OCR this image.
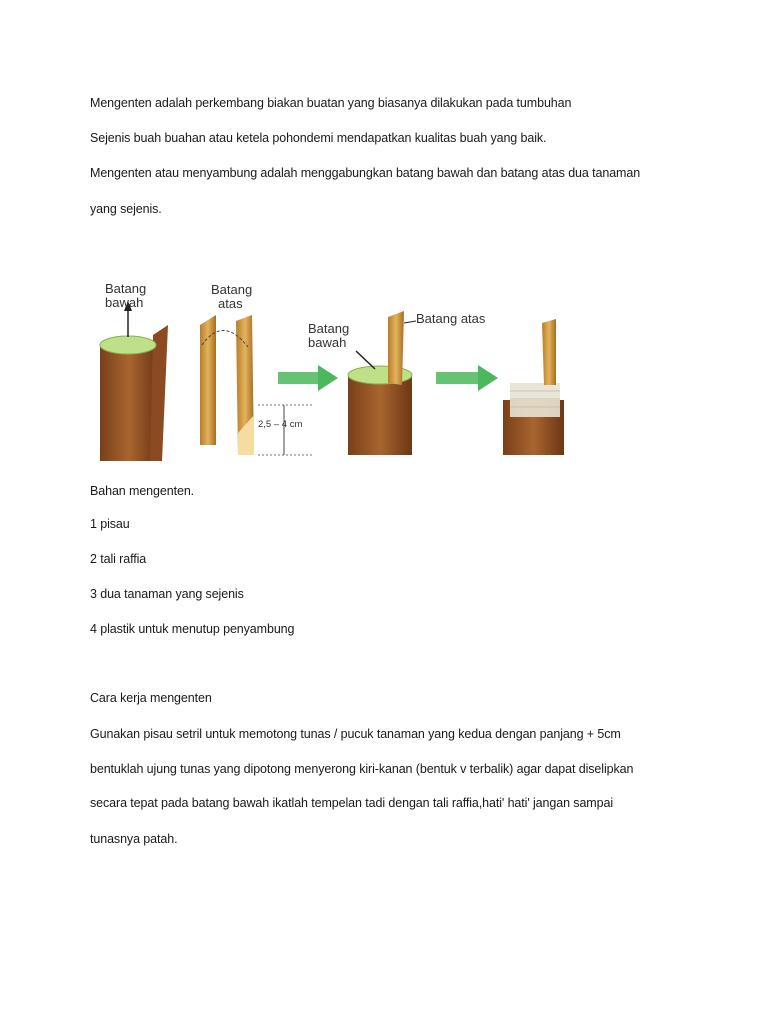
Mengenten adalah perkembang biakan buatan yang biasanya dilakukan pada tumbuhan
Sejenis buah buahan atau ketela pohondemi mendapatkan kualitas buah yang baik.
Mengenten atau menyambung adalah menggabungkan batang bawah dan batang atas dua tanaman
yang sejenis.
Batang
bawah
Batang
atas
2,5 – 4 cm
Batang
bawah
Batang atas
Bahan mengenten.
1 pisau
2 tali raffia
3 dua tanaman yang sejenis
4 plastik untuk menutup penyambung
Cara kerja mengenten
Gunakan pisau setril untuk memotong tunas / pucuk tanaman yang kedua dengan panjang + 5cm
bentuklah ujung tunas yang dipotong menyerong kiri-kanan (bentuk v terbalik) agar dapat diselipkan
secara tepat pada batang bawah ikatlah tempelan tadi dengan tali raffia,hati' hati' jangan sampai
tunasnya patah.
